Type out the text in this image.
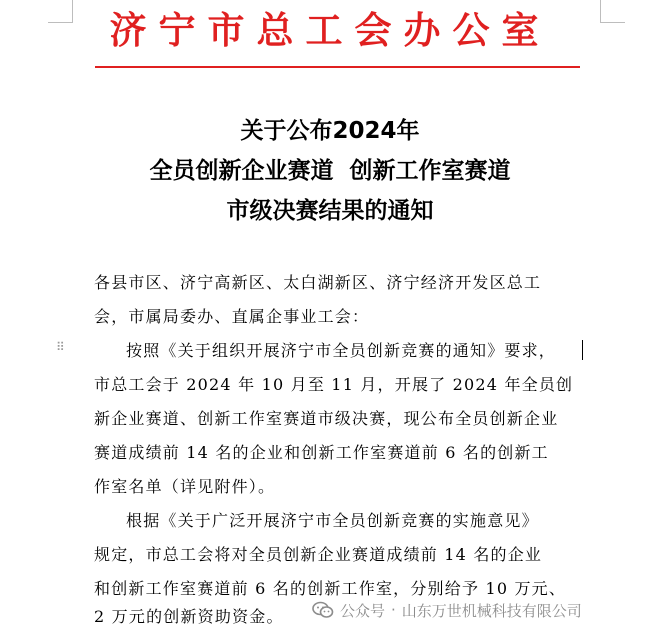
济宁市总工会办公室
关于公布2024年
全员创新企业赛道  创新工作室赛道
市级决赛结果的通知
各县市区、济宁高新区、太白湖新区、济宁经济开发区总工
会，市属局委办、直属企事业工会：
⠿	按照《关于组织开展济宁市全员创新竞赛的通知》要求，
市总工会于 2024 年 10 月至 11 月，开展了 2024 年全员创
新企业赛道、创新工作室赛道市级决赛，现公布全员创新企业
赛道成绩前 14 名的企业和创新工作室赛道前 6 名的创新工
作室名单（详见附件）。
根据《关于广泛开展济宁市全员创新竞赛的实施意见》
规定，市总工会将对全员创新企业赛道成绩前 14 名的企业
和创新工作室赛道前 6 名的创新工作室，分别给予 10 万元、
2 万元的创新资助资金。	公众号 · 山东万世机械科技有限公司
